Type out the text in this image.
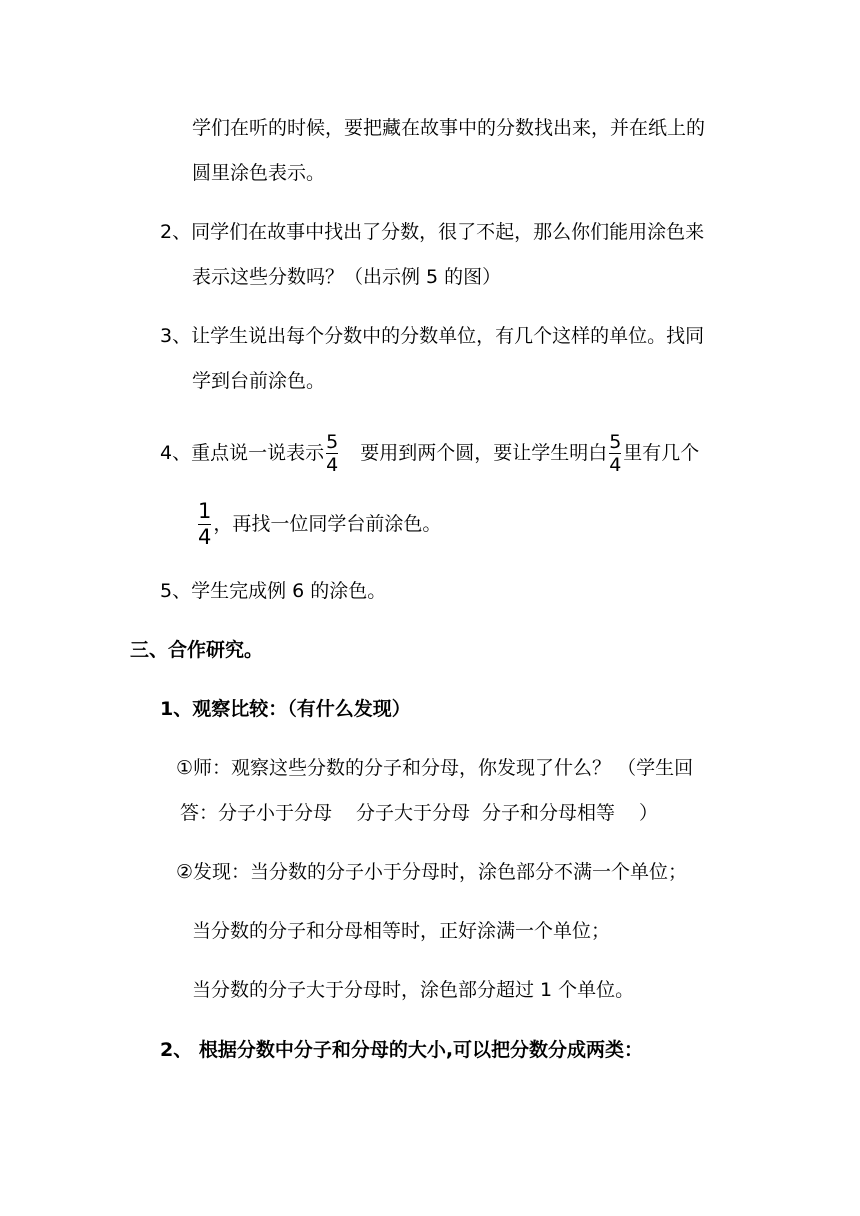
学们在听的时候，要把藏在故事中的分数找出来，并在纸上的
圆里涂色表示。
2、同学们在故事中找出了分数，很了不起，那么你们能用涂色来
表示这些分数吗？（出示例 5 的图）
3、让学生说出每个分数中的分数单位，有几个这样的单位。找同
学到台前涂色。
4、重点说一说表示 $\frac{5}{4}$ 要用到两个圆，要让学生明白 $\frac{5}{4}$ 里有几个
$\frac{1}{4}$ ，再找一位同学台前涂色。
5、学生完成例 6 的涂色。
三、合作研究。
1、观察比较：（有什么发现）
①师：观察这些分数的分子和分母，你发现了什么？ （学生回
答：分子小于分母 分子大于分母 分子和分母相等 ）
②发现：当分数的分子小于分母时，涂色部分不满一个单位；
当分数的分子和分母相等时，正好涂满一个单位；
当分数的分子大于分母时，涂色部分超过 1 个单位。
2、 根据分数中分子和分母的大小,可以把分数分成两类：
